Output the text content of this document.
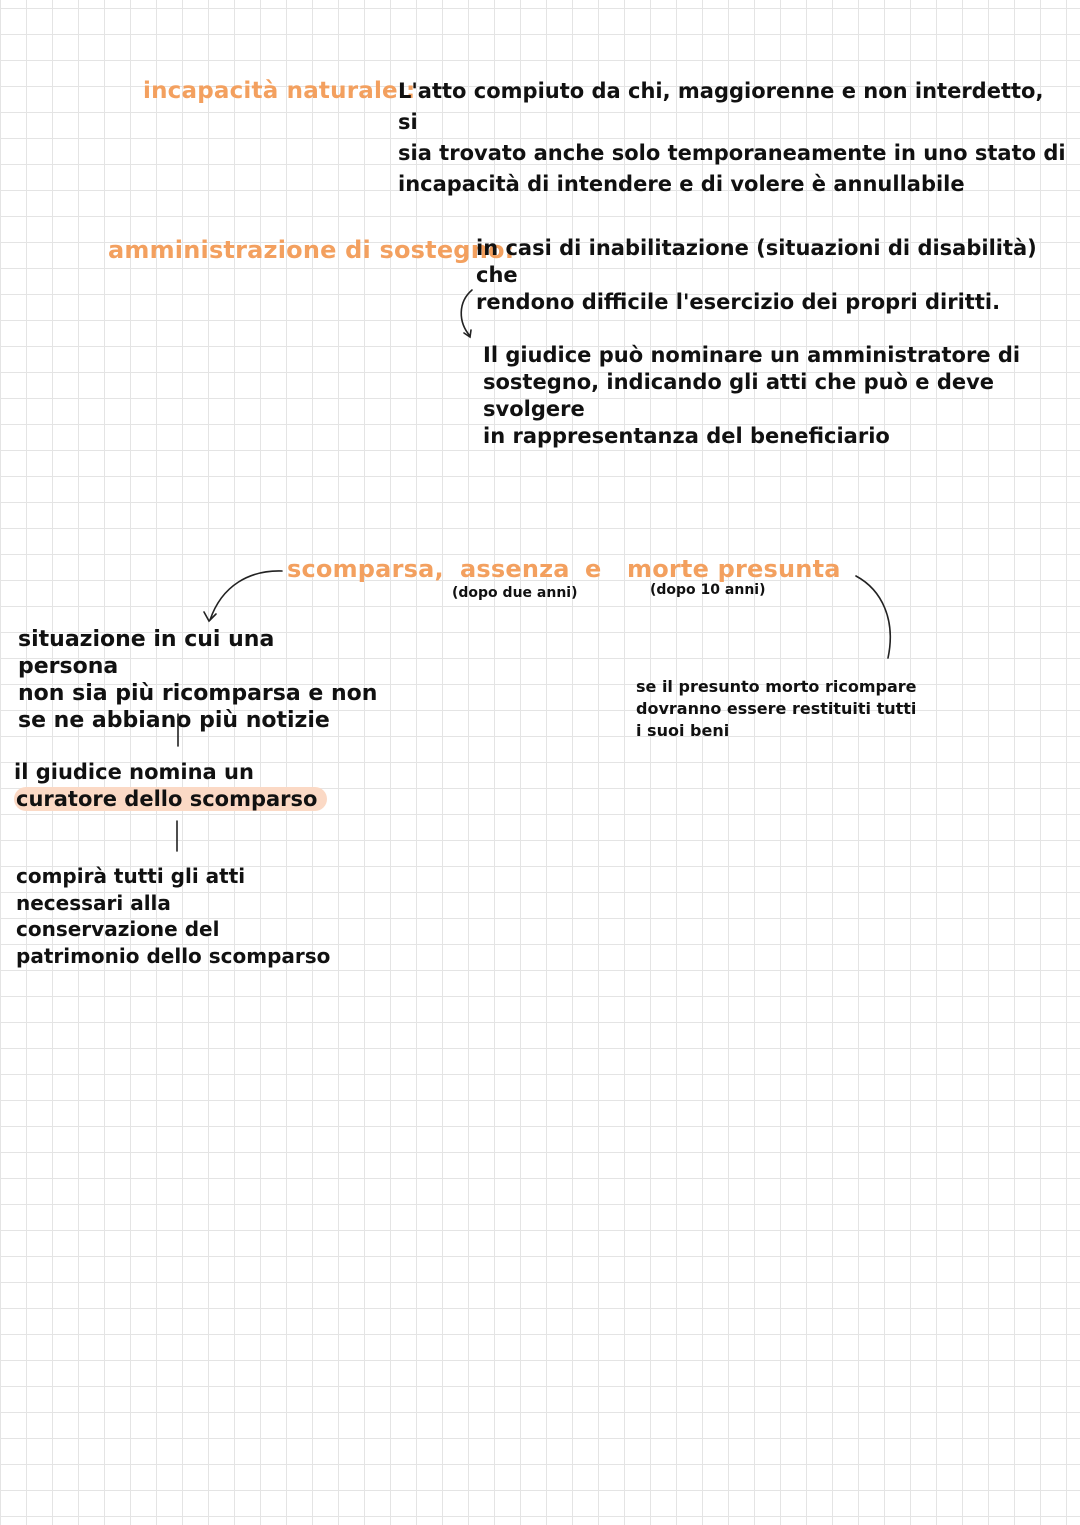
incapacità naturale :
L'atto compiuto da chi, maggiorenne e non interdetto, si
sia trovato anche solo temporaneamente in uno stato di
incapacità di intendere e di volere è annullabile
amministrazione di sostegno:
in casi di inabilitazione (situazioni di disabilità) che
rendono difficile l'esercizio dei propri diritti.
Il giudice può nominare un amministratore di
sostegno, indicando gli atti che può e deve svolgere
in rappresentanza del beneficiario
scomparsa, assenza e morte presunta
(dopo due anni)	(dopo 10 anni)
situazione in cui una persona
non sia più ricomparsa e non
se ne abbiano più notizie
il giudice nomina un
curatore dello scomparso
compirà tutti gli atti
necessari alla
conservazione del
patrimonio dello scomparso
se il presunto morto ricompare
dovranno essere restituiti tutti
i suoi beni
